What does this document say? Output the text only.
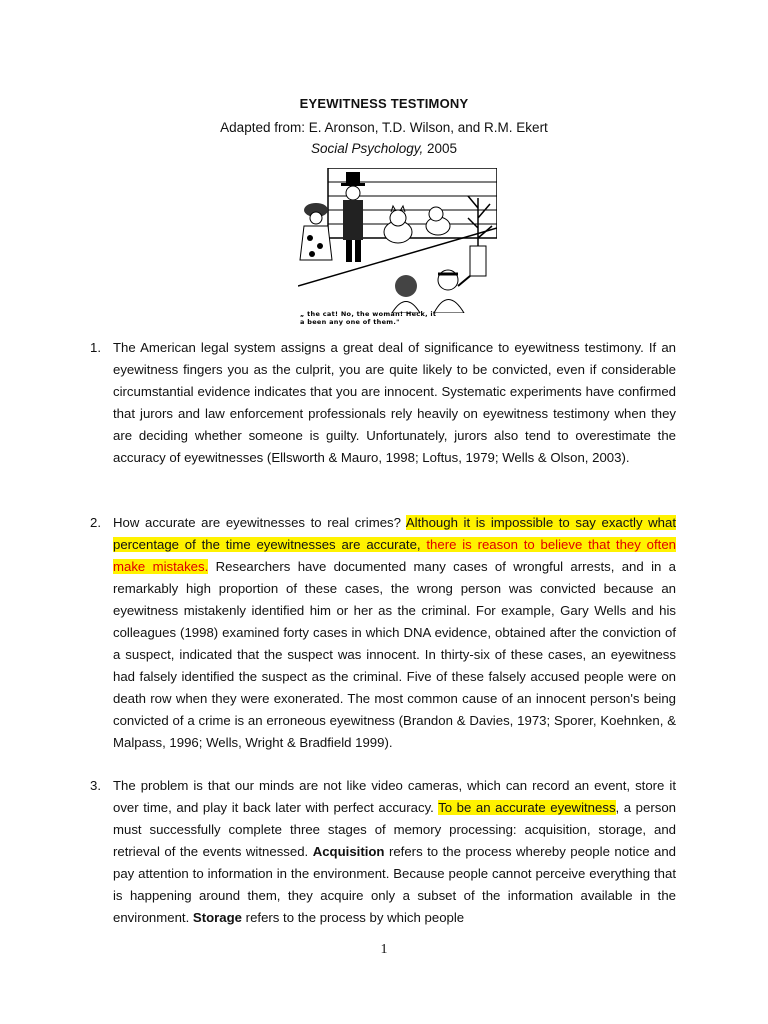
EYEWITNESS TESTIMONY
Adapted from: E. Aronson, T.D. Wilson, and R.M. Ekert
Social Psychology, 2005
„ the cat! No, the woman! Heck, it
a been any one of them."
1. The American legal system assigns a great deal of significance to eyewitness testimony. If an eyewitness fingers you as the culprit, you are quite likely to be convicted, even if considerable circumstantial evidence indicates that you are innocent. Systematic experiments have confirmed that jurors and law enforcement professionals rely heavily on eyewitness testimony when they are deciding whether someone is guilty. Unfortunately, jurors also tend to overestimate the accuracy of eyewitnesses (Ellsworth & Mauro, 1998; Loftus, 1979; Wells & Olson, 2003).
2. How accurate are eyewitnesses to real crimes? Although it is impossible to say exactly what percentage of the time eyewitnesses are accurate, there is reason to believe that they often make mistakes. Researchers have documented many cases of wrongful arrests, and in a remarkably high proportion of these cases, the wrong person was convicted because an eyewitness mistakenly identified him or her as the criminal. For example, Gary Wells and his colleagues (1998) examined forty cases in which DNA evidence, obtained after the conviction of a suspect, indicated that the suspect was innocent. In thirty-six of these cases, an eyewitness had falsely identified the suspect as the criminal. Five of these falsely accused people were on death row when they were exonerated. The most common cause of an innocent person's being convicted of a crime is an erroneous eyewitness (Brandon & Davies, 1973; Sporer, Koehnken, & Malpass, 1996; Wells, Wright & Bradfield 1999).
3. The problem is that our minds are not like video cameras, which can record an event, store it over time, and play it back later with perfect accuracy. To be an accurate eyewitness, a person must successfully complete three stages of memory processing: acquisition, storage, and retrieval of the events witnessed. Acquisition refers to the process whereby people notice and pay attention to information in the environment. Because people cannot perceive everything that is happening around them, they acquire only a subset of the information available in the environment. Storage refers to the process by which people
1
